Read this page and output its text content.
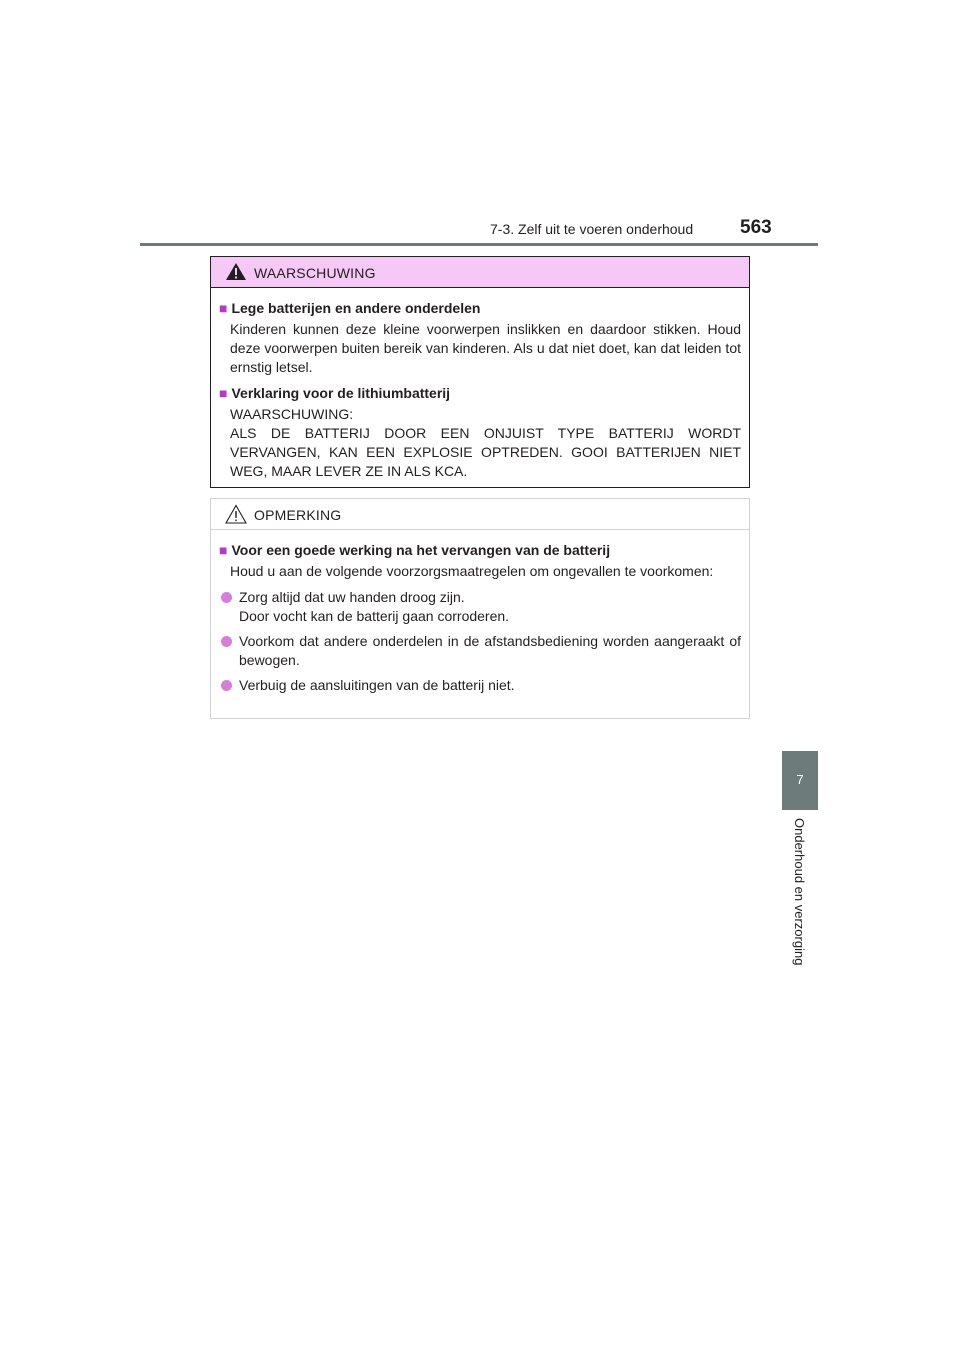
7-3. Zelf uit te voeren onderhoud 563
7
Onderhoud en verzorging
WAARSCHUWING
■ Lege batterijen en andere onderdelen
Kinderen kunnen deze kleine voorwerpen inslikken en daardoor stikken. Houd deze voorwerpen buiten bereik van kinderen. Als u dat niet doet, kan dat leiden tot ernstig letsel.
■ Verklaring voor de lithiumbatterij
WAARSCHUWING:
ALS DE BATTERIJ DOOR EEN ONJUIST TYPE BATTERIJ WORDT VERVANGEN, KAN EEN EXPLOSIE OPTREDEN. GOOI BATTERIJEN NIET WEG, MAAR LEVER ZE IN ALS KCA.
OPMERKING
■ Voor een goede werking na het vervangen van de batterij
Houd u aan de volgende voorzorgsmaatregelen om ongevallen te voorkomen:
Zorg altijd dat uw handen droog zijn.
Door vocht kan de batterij gaan corroderen.
Voorkom dat andere onderdelen in de afstandsbediening worden aangeraakt of bewogen.
Verbuig de aansluitingen van de batterij niet.
